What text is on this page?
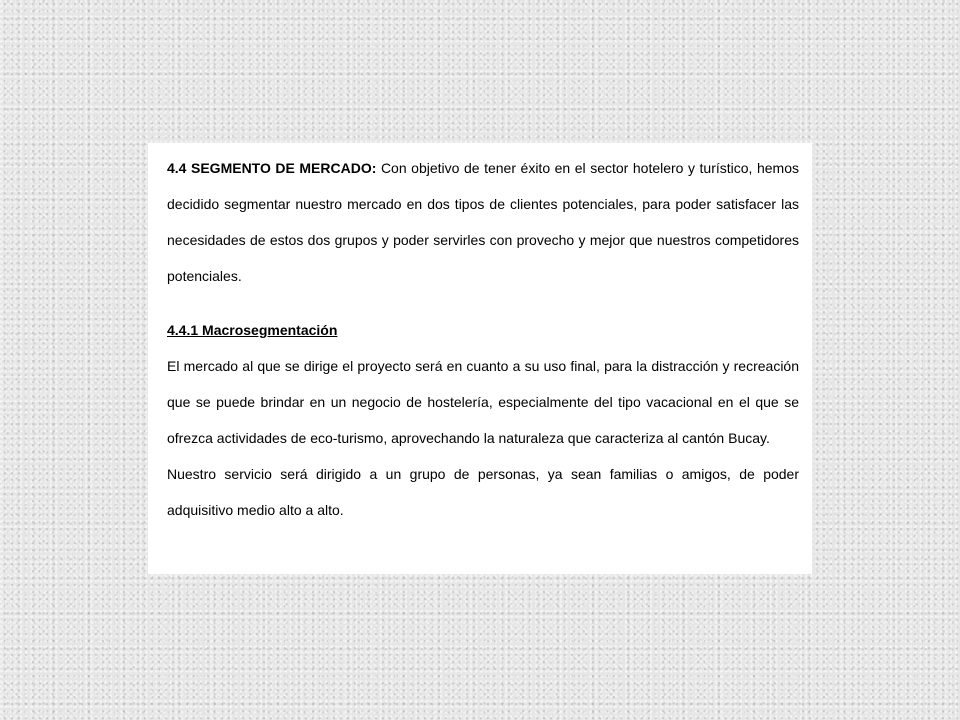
4.4 SEGMENTO DE MERCADO: Con objetivo de tener éxito en el sector hotelero y turístico, hemos decidido segmentar nuestro mercado en dos tipos de clientes potenciales, para poder satisfacer las necesidades de estos dos grupos y poder servirles con provecho y mejor que nuestros competidores potenciales.

4.4.1 Macrosegmentación

El mercado al que se dirige el proyecto será en cuanto a su uso final, para la distracción y recreación que se puede brindar en un negocio de hostelería, especialmente del tipo vacacional en el que se ofrezca actividades de eco-turismo, aprovechando la naturaleza que caracteriza al cantón Bucay.

Nuestro servicio será dirigido a un grupo de personas, ya sean familias o amigos, de poder adquisitivo medio alto a alto.
